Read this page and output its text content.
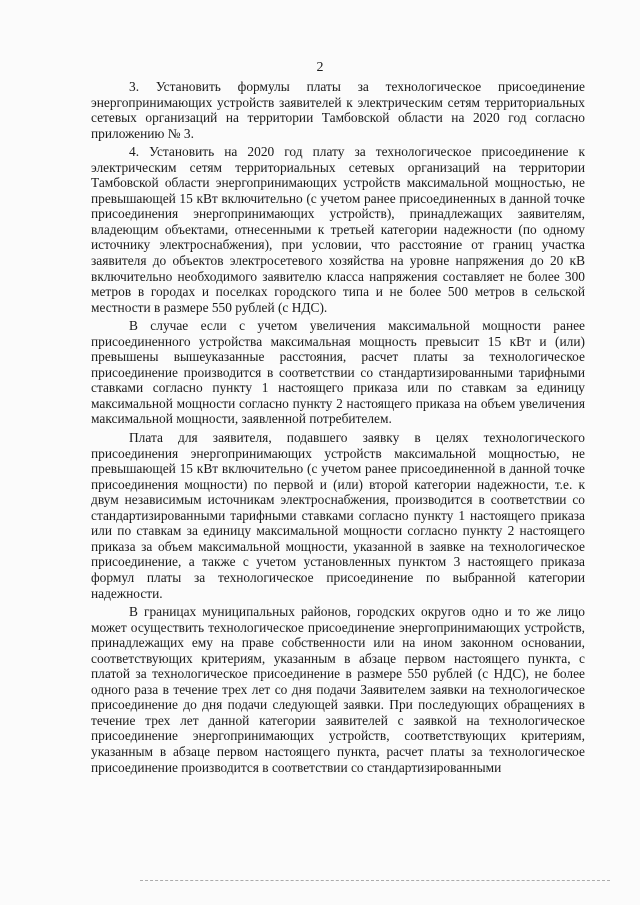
2

3. Установить формулы платы за технологическое присоединение энергопринимающих устройств заявителей к электрическим сетям территориальных сетевых организаций на территории Тамбовской области на 2020 год согласно приложению № 3.

4. Установить на 2020 год плату за технологическое присоединение к электрическим сетям территориальных сетевых организаций на территории Тамбовской области энергопринимающих устройств максимальной мощностью, не превышающей 15 кВт включительно (с учетом ранее присоединенных в данной точке присоединения энергопринимающих устройств), принадлежащих заявителям, владеющим объектами, отнесенными к третьей категории надежности (по одному источнику электроснабжения), при условии, что расстояние от границ участка заявителя до объектов электросетевого хозяйства на уровне напряжения до 20 кВ включительно необходимого заявителю класса напряжения составляет не более 300 метров в городах и поселках городского типа и не более 500 метров в сельской местности в размере 550 рублей (с НДС).

В случае если с учетом увеличения максимальной мощности ранее присоединенного устройства максимальная мощность превысит 15 кВт и (или) превышены вышеуказанные расстояния, расчет платы за технологическое присоединение производится в соответствии со стандартизированными тарифными ставками согласно пункту 1 настоящего приказа или по ставкам за единицу максимальной мощности согласно пункту 2 настоящего приказа на объем увеличения максимальной мощности, заявленной потребителем.

Плата для заявителя, подавшего заявку в целях технологического присоединения энергопринимающих устройств максимальной мощностью, не превышающей 15 кВт включительно (с учетом ранее присоединенной в данной точке присоединения мощности) по первой и (или) второй категории надежности, т.е. к двум независимым источникам электроснабжения, производится в соответствии со стандартизированными тарифными ставками согласно пункту 1 настоящего приказа или по ставкам за единицу максимальной мощности согласно пункту 2 настоящего приказа за объем максимальной мощности, указанной в заявке на технологическое присоединение, а также с учетом установленных пунктом 3 настоящего приказа формул платы за технологическое присоединение по выбранной категории надежности.

В границах муниципальных районов, городских округов одно и то же лицо может осуществить технологическое присоединение энергопринимающих устройств, принадлежащих ему на праве собственности или на ином законном основании, соответствующих критериям, указанным в абзаце первом настоящего пункта, с платой за технологическое присоединение в размере 550 рублей (с НДС), не более одного раза в течение трех лет со дня подачи Заявителем заявки на технологическое присоединение до дня подачи следующей заявки. При последующих обращениях в течение трех лет данной категории заявителей с заявкой на технологическое присоединение энергопринимающих устройств, соответствующих критериям, указанным в абзаце первом настоящего пункта, расчет платы за технологическое присоединение производится в соответствии со стандартизированными
